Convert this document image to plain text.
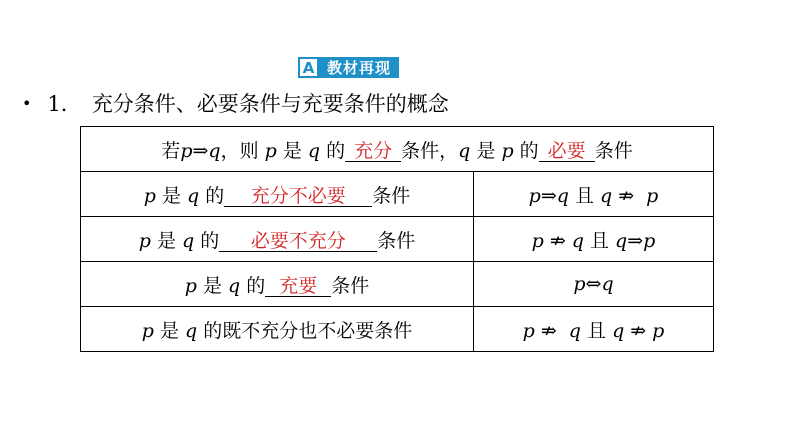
A 教材再现
• 1． 充分条件、必要条件与充要条件的概念
若p⇒q，则 p 是 q 的 充分 条件，q 是 p 的 必要 条件	
p 是 q 的 充分不必要 条件	p⇒q 且 q ⇏ p
p 是 q 的 必要不充分 条件	p ⇏ q 且 q⇒p
p 是 q 的 充要 条件	p⇔q
p 是 q 的既不充分也不必要条件	p ⇏ q 且 q ⇏ p
